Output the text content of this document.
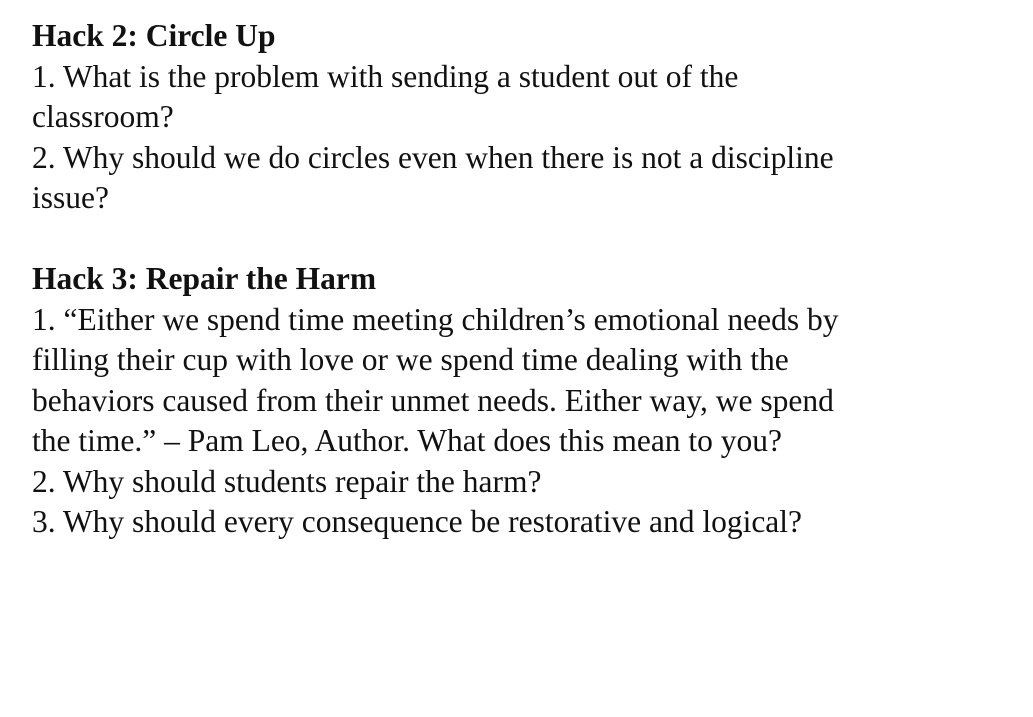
Hack 2: Circle Up

1. What is the problem with sending a student out of the
classroom?

2. Why should we do circles even when there is not a discipline
issue?

Hack 3: Repair the Harm

1. “Either we spend time meeting children’s emotional needs by
filling their cup with love or we spend time dealing with the
behaviors caused from their unmet needs. Either way, we spend
the time.” – Pam Leo, Author. What does this mean to you?

2. Why should students repair the harm?

3. Why should every consequence be restorative and logical?
